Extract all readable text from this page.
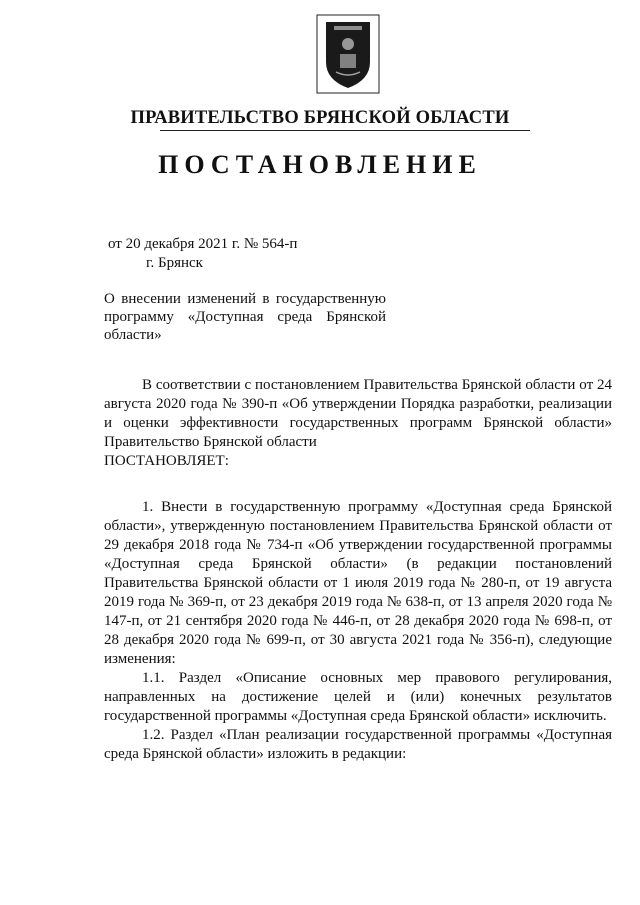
ПРАВИТЕЛЬСТВО БРЯНСКОЙ ОБЛАСТИ
ПОСТАНОВЛЕНИЕ
от 20 декабря 2021 г. № 564-п
г. Брянск
О внесении изменений в государственную программу «Доступная среда Брянской области»

В соответствии с постановлением Правительства Брянской области от 24 августа 2020 года № 390-п «Об утверждении Порядка разработки, реализации и оценки эффективности государственных программ Брянской области» Правительство Брянской области

ПОСТАНОВЛЯЕТ:

1. Внести в государственную программу «Доступная среда Брянской области», утвержденную постановлением Правительства Брянской области от 29 декабря 2018 года № 734-п «Об утверждении государственной программы «Доступная среда Брянской области» (в редакции постановлений Правительства Брянской области от 1 июля 2019 года № 280-п, от 19 августа 2019 года № 369-п, от 23 декабря 2019 года № 638-п, от 13 апреля 2020 года № 147-п, от 21 сентября 2020 года № 446-п, от 28 декабря 2020 года № 698-п, от 28 декабря 2020 года № 699-п, от 30 августа 2021 года № 356-п), следующие изменения:

1.1. Раздел «Описание основных мер правового регулирования, направленных на достижение целей и (или) конечных результатов государственной программы «Доступная среда Брянской области» исключить.

1.2. Раздел «План реализации государственной программы «Доступная среда Брянской области» изложить в редакции:
